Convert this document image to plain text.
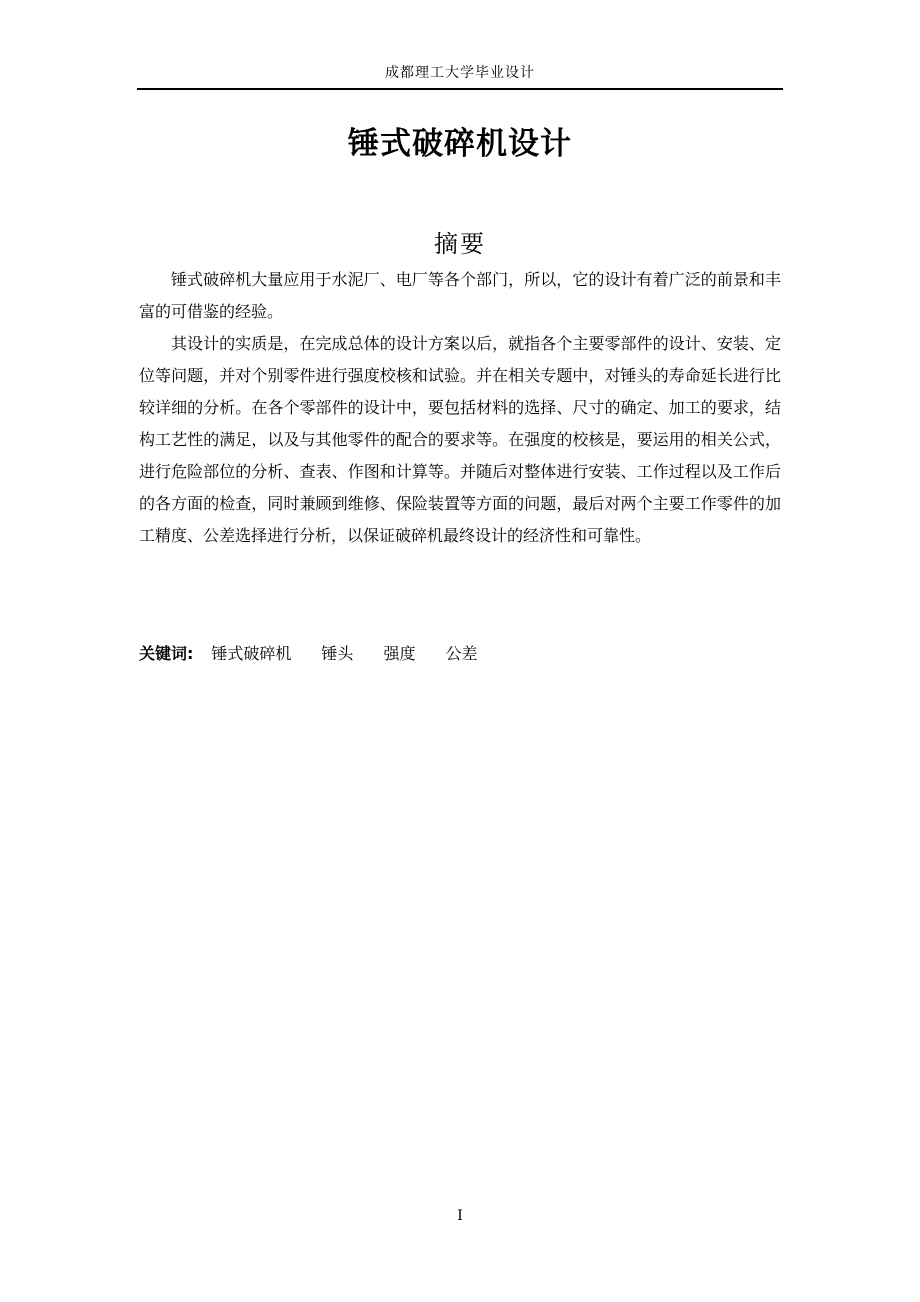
成都理工大学毕业设计
锤式破碎机设计
摘要

锤式破碎机大量应用于水泥厂、电厂等各个部门，所以，它的设计有着广泛的前景和丰富的可借鉴的经验。

其设计的实质是，在完成总体的设计方案以后，就指各个主要零部件的设计、安装、定位等问题，并对个别零件进行强度校核和试验。并在相关专题中，对锤头的寿命延长进行比较详细的分析。在各个零部件的设计中，要包括材料的选择、尺寸的确定、加工的要求，结构工艺性的满足，以及与其他零件的配合的要求等。在强度的校核是，要运用的相关公式，进行危险部位的分析、查表、作图和计算等。并随后对整体进行安装、工作过程以及工作后的各方面的检查，同时兼顾到维修、保险装置等方面的问题，最后对两个主要工作零件的加工精度、公差选择进行分析，以保证破碎机最终设计的经济性和可靠性。

关键词: 锤式破碎机 锤头 强度 公差
I
